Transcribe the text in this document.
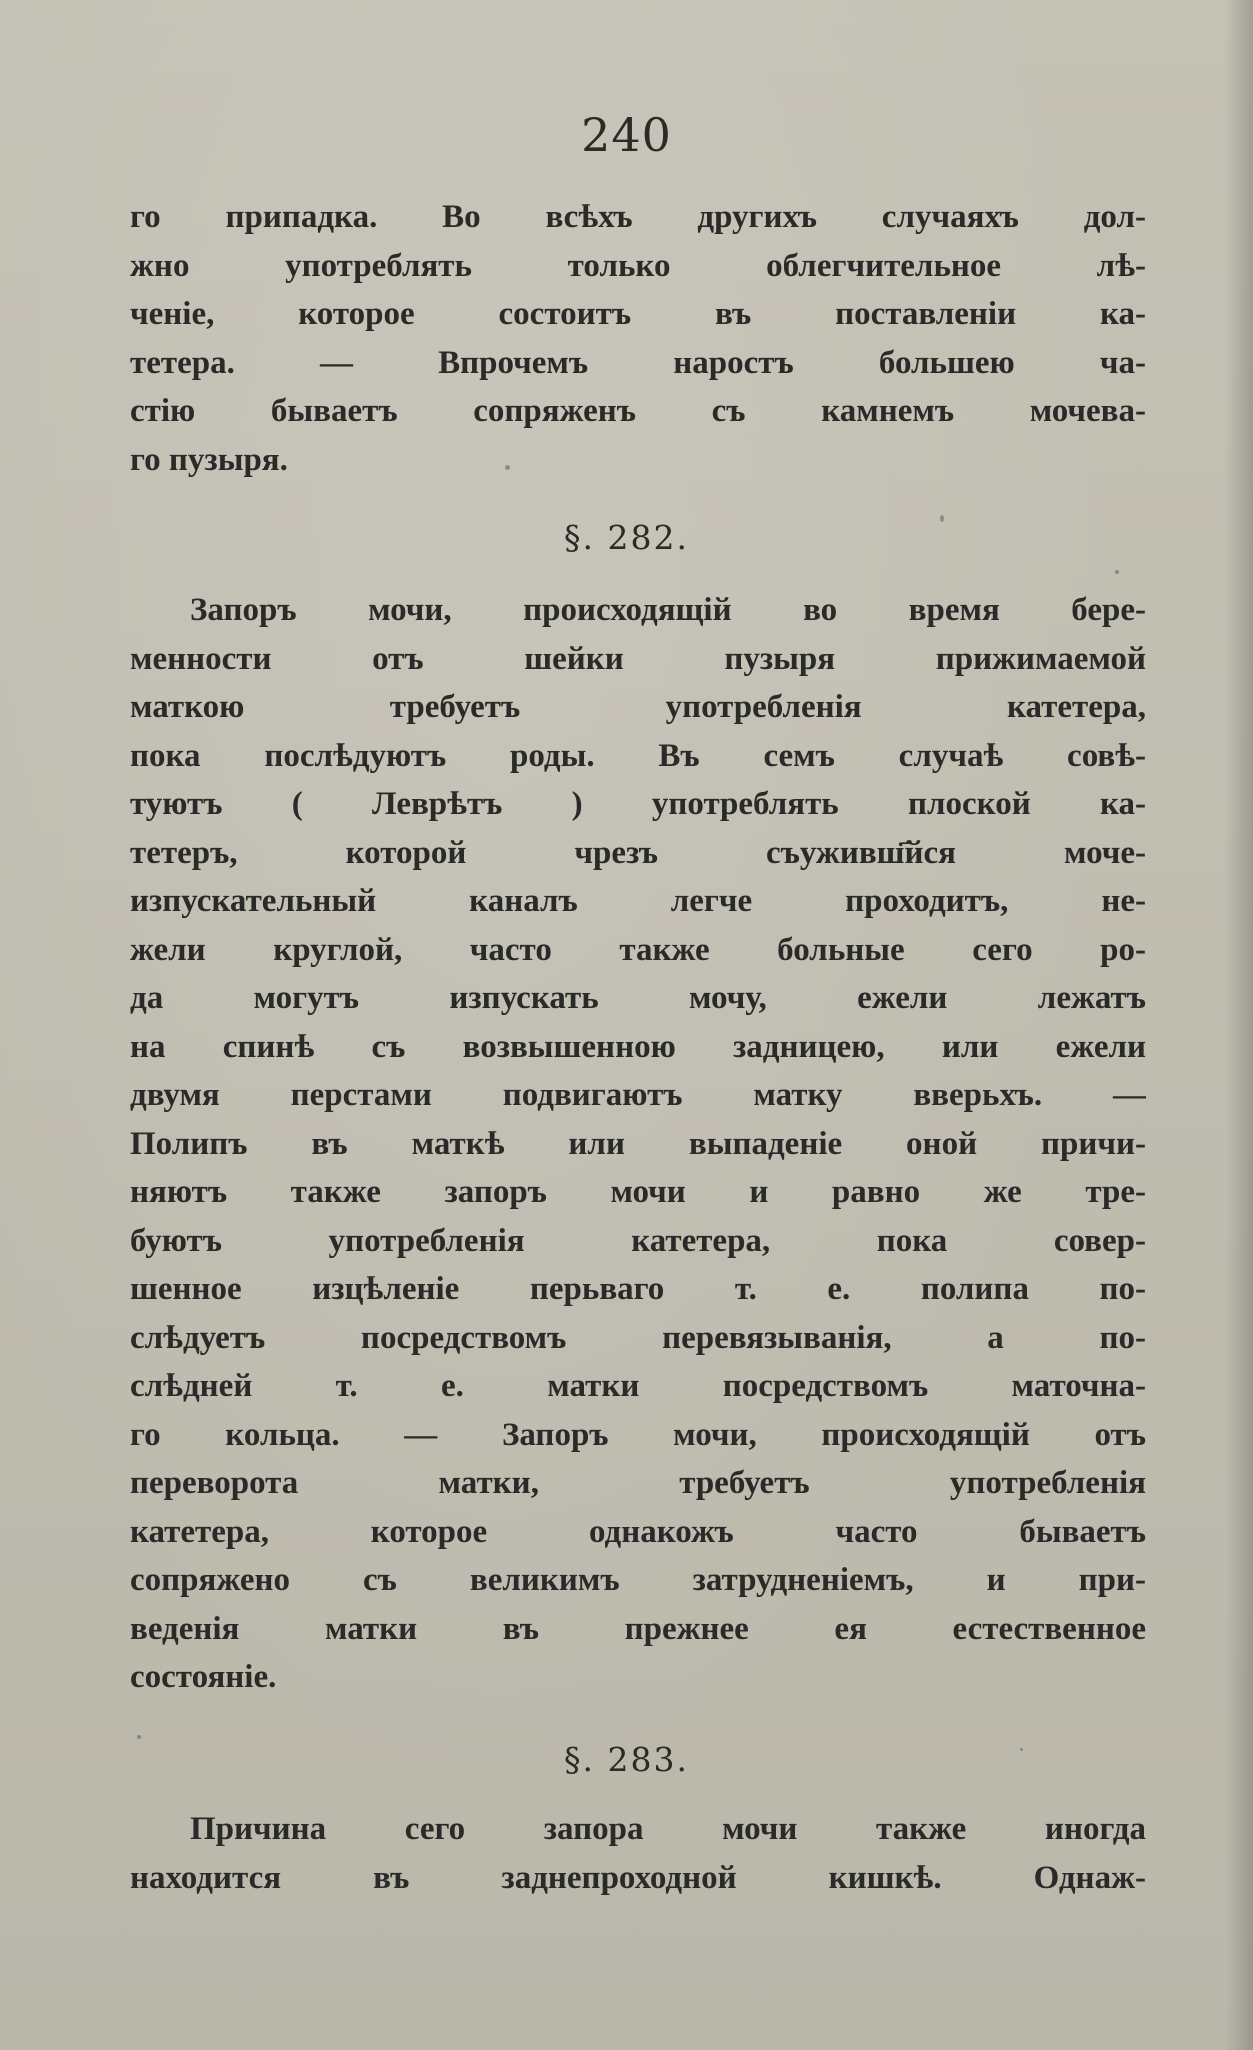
240
го припадка. Во всѣхъ другихъ случаяхъ дол-
жно употреблять только облегчительное лѣ-
ченіе, которое состоитъ въ поставленіи ка-
тетера. — Впрочемъ наростъ большею ча-
стію бываетъ сопряженъ съ камнемъ мочева-
го пузыря.
§. 282.
Запоръ мочи, происходящій во время бере-
менности отъ шейки пузыря прижимаемой
маткою требуетъ употребленія катетера,
пока послѣдуютъ роды. Въ семъ случаѣ совѣ-
туютъ ( Леврѣтъ ) употреблять плоской ка-
тетеръ, которой чрезъ съуживш҃йся моче-
изпускательный каналъ легче проходитъ, не-
жели круглой, часто также больные сего ро-
да могутъ изпускать мочу, ежели лежатъ
на спинѣ съ возвышенною задницею, или ежели
двумя перстами подвигаютъ матку вверьхъ. —
Полипъ въ маткѣ или выпаденіе оной причи-
няютъ также запоръ мочи и равно же тре-
буютъ употребленія катетера, пока совер-
шенное изцѣленіе перьваго т. е. полипа по-
слѣдуетъ посредствомъ перевязыванія, а по-
слѣдней т. е. матки посредствомъ маточна-
го кольца. — Запоръ мочи, происходящій отъ
переворота матки, требуетъ употребленія
катетера, которое однакожъ часто бываетъ
сопряжено съ великимъ затрудненіемъ, и при-
веденія матки въ прежнее ея естественное
состояніе.
§. 283.
Причина сего запора мочи также иногда
находится въ заднепроходной кишкѣ. Однаж-
